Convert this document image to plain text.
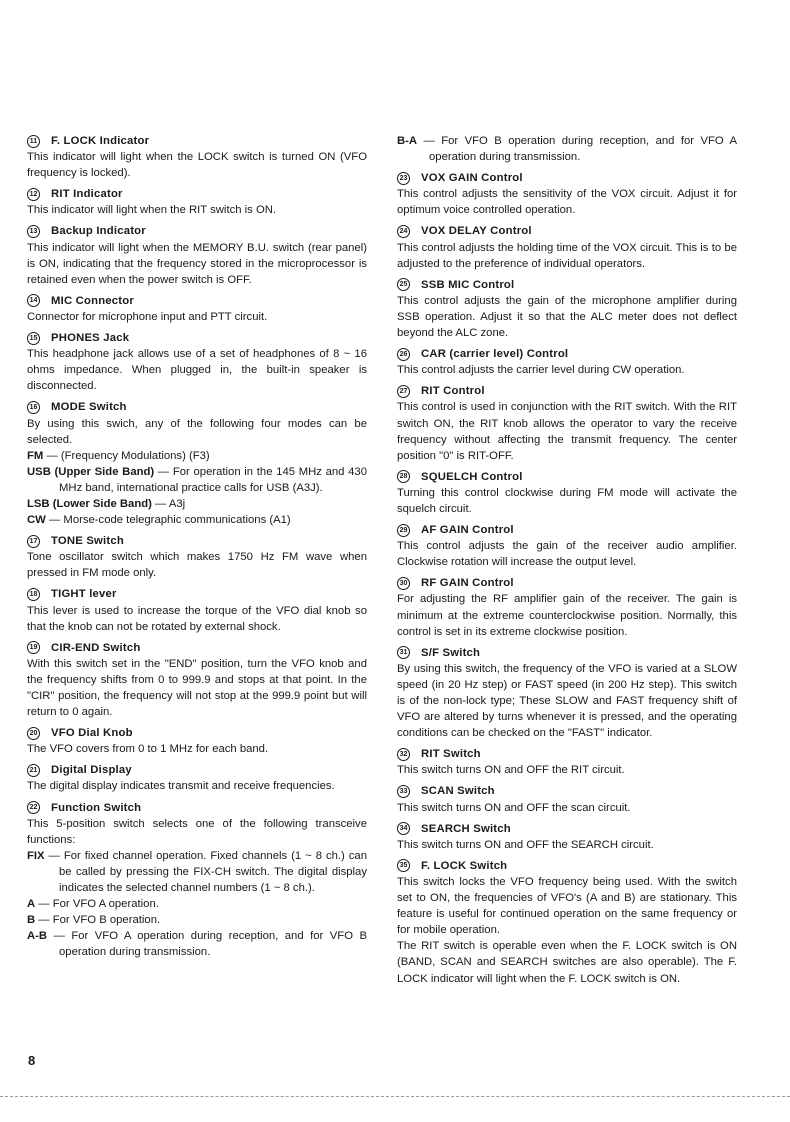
11 F. LOCK Indicator
This indicator will light when the LOCK switch is turned ON (VFO frequency is locked).
12 RIT Indicator
This indicator will light when the RIT switch is ON.
13 Backup Indicator
This indicator will light when the MEMORY B.U. switch (rear panel) is ON, indicating that the frequency stored in the microprocessor is retained even when the power switch is OFF.
14 MIC Connector
Connector for microphone input and PTT circuit.
15 PHONES Jack
This headphone jack allows use of a set of headphones of 8 ~ 16 ohms impedance. When plugged in, the built-in speaker is disconnected.
16 MODE Switch
By using this swich, any of the following four modes can be selected.
FM — (Frequency Modulations) (F3)
USB (Upper Side Band) — For operation in the 145 MHz and 430 MHz band, international practice calls for USB (A3J).
LSB (Lower Side Band) — A3j
CW — Morse-code telegraphic communications (A1)
17 TONE Switch
Tone oscillator switch which makes 1750 Hz FM wave when pressed in FM mode only.
18 TIGHT lever
This lever is used to increase the torque of the VFO dial knob so that the knob can not be rotated by external shock.
19 CIR-END Switch
With this switch set in the "END" position, turn the VFO knob and the frequency shifts from 0 to 999.9 and stops at that point. In the "CIR" position, the frequency will not stop at the 999.9 point but will return to 0 again.
20 VFO Dial Knob
The VFO covers from 0 to 1 MHz for each band.
21 Digital Display
The digital display indicates transmit and receive frequencies.
22 Function Switch
This 5-position switch selects one of the following transceive functions:
FIX — For fixed channel operation. Fixed channels (1 ~ 8 ch.) can be called by pressing the FIX-CH switch. The digital display indicates the selected channel numbers (1 ~ 8 ch.).
A — For VFO A operation.
B — For VFO B operation.
A-B — For VFO A operation during reception, and for VFO B operation during transmission.
B-A — For VFO B operation during reception, and for VFO A operation during transmission.
23 VOX GAIN Control
This control adjusts the sensitivity of the VOX circuit. Adjust it for optimum voice controlled operation.
24 VOX DELAY Control
This control adjusts the holding time of the VOX circuit. This is to be adjusted to the preference of individual operators.
25 SSB MIC Control
This control adjusts the gain of the microphone amplifier during SSB operation. Adjust it so that the ALC meter does not deflect beyond the ALC zone.
26 CAR (carrier level) Control
This control adjusts the carrier level during CW operation.
27 RIT Control
This control is used in conjunction with the RIT switch. With the RIT switch ON, the RIT knob allows the operator to vary the receive frequency without affecting the transmit frequency. The center position "0" is RIT-OFF.
28 SQUELCH Control
Turning this control clockwise during FM mode will activate the squelch circuit.
29 AF GAIN Control
This control adjusts the gain of the receiver audio amplifier. Clockwise rotation will increase the output level.
30 RF GAIN Control
For adjusting the RF amplifier gain of the receiver. The gain is minimum at the extreme counterclockwise position. Normally, this control is set in its extreme clockwise position.
31 S/F Switch
By using this switch, the frequency of the VFO is varied at a SLOW speed (in 20 Hz step) or FAST speed (in 200 Hz step). This switch is of the non-lock type; These SLOW and FAST frequency shift of VFO are altered by turns whenever it is pressed, and the operating conditions can be checked on the "FAST" indicator.
32 RIT Switch
This switch turns ON and OFF the RIT circuit.
33 SCAN Switch
This switch turns ON and OFF the scan circuit.
34 SEARCH Switch
This switch turns ON and OFF the SEARCH circuit.
35 F. LOCK Switch
This switch locks the VFO frequency being used. With the switch set to ON, the frequencies of VFO's (A and B) are stationary. This feature is useful for continued operation on the same frequency or for mobile operation.
The RIT switch is operable even when the F. LOCK switch is ON (BAND, SCAN and SEARCH switches are also operable). The F. LOCK indicator will light when the F. LOCK switch is ON.
8
